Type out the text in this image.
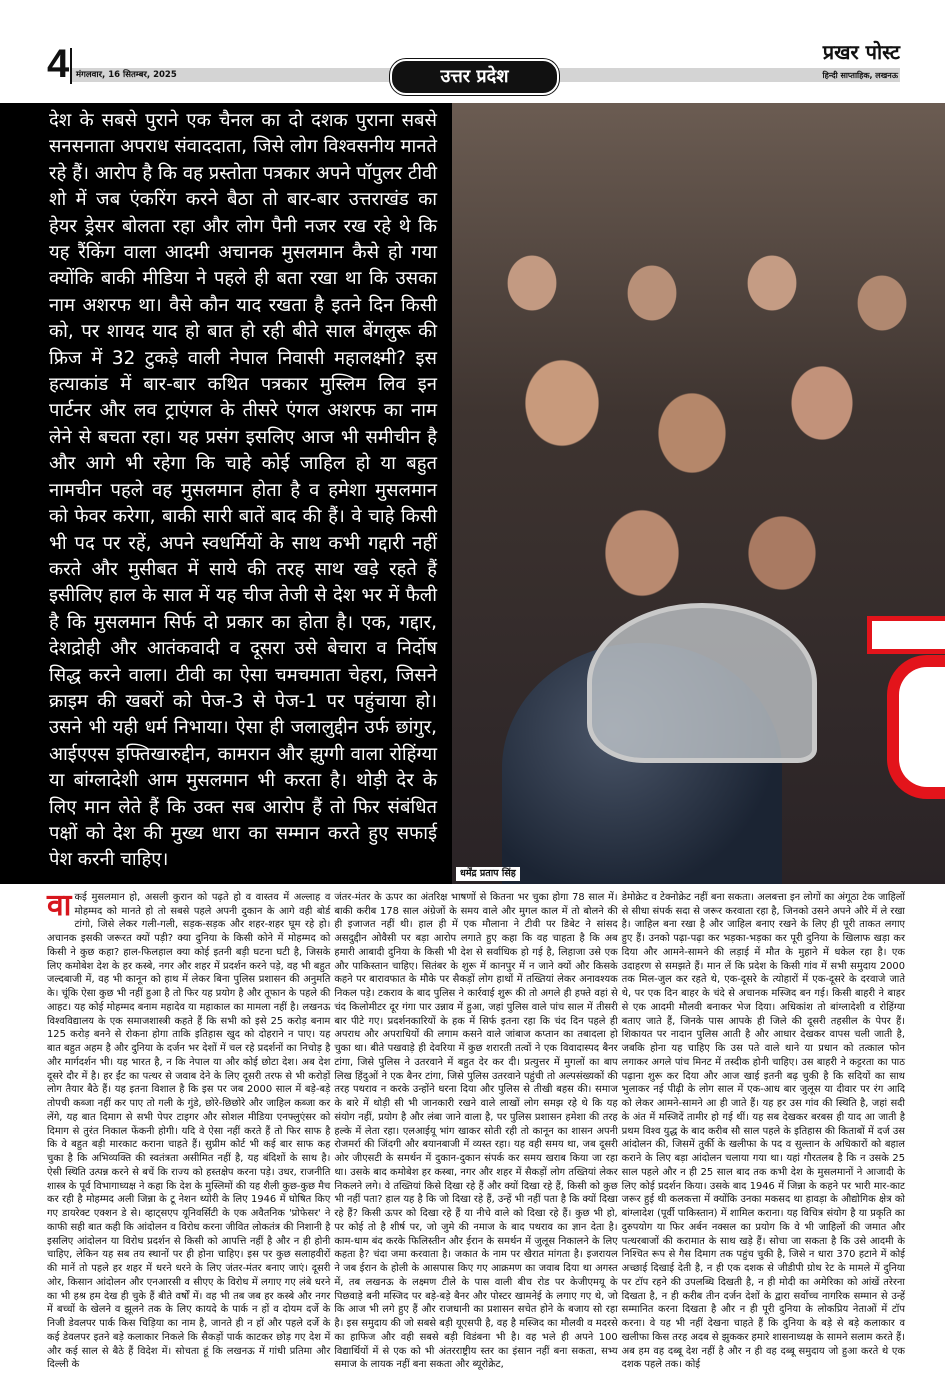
4 मंगलवार, 16 सितम्बर, 2025	उत्तर प्रदेश
प्रखर पोस्ट
हिन्दी साप्ताहिक, लखनऊ
देश के सबसे पुराने एक चैनल का दो दशक पुराना सबसे सनसनाता अपराध संवाददाता, जिसे लोग विश्वसनीय मानते रहे हैं। आरोप है कि वह प्रस्तोता पत्रकार अपने पॉपुलर टीवी शो में जब एंकरिंग करने बैठा तो बार-बार उत्तराखंड का हेयर ड्रेसर बोलता रहा और लोग पैनी नजर रख रहे थे कि यह रैंकिंग वाला आदमी अचानक मुसलमान कैसे हो गया क्योंकि बाकी मीडिया ने पहले ही बता रखा था कि उसका नाम अशरफ था। वैसे कौन याद रखता है इतने दिन किसी को, पर शायद याद हो बात हो रही बीते साल बेंगलुरू की फ्रिज में 32 टुकड़े वाली नेपाल निवासी महालक्ष्मी? इस हत्याकांड में बार-बार कथित पत्रकार मुस्लिम लिव इन पार्टनर और लव ट्राएंगल के तीसरे एंगल अशरफ का नाम लेने से बचता रहा। यह प्रसंग इसलिए आज भी समीचीन है और आगे भी रहेगा कि चाहे कोई जाहिल हो या बहुत नामचीन पहले वह मुसलमान होता है व हमेशा मुसलमान को फेवर करेगा, बाकी सारी बातें बाद की हैं। वे चाहे किसी भी पद पर रहें, अपने स्वधर्मियों के साथ कभी गद्दारी नहीं करते और मुसीबत में साये की तरह साथ खड़े रहते हैं इसीलिए हाल के साल में यह चीज तेजी से देश भर में फैली है कि मुसलमान सिर्फ दो प्रकार का होता है। एक, गद्दार, देशद्रोही और आतंकवादी व दूसरा उसे बेचारा व निर्दोष सिद्ध करने वाला। टीवी का ऐसा चमचमाता चेहरा, जिसने क्राइम की खबरों को पेज-3 से पेज-1 पर पहुंचाया हो। उसने भी यही धर्म निभाया। ऐसा ही जलालुद्दीन उर्फ छांगुर, आईएएस इफ्तिखारुद्दीन, कामरान और झुग्गी वाला रोहिंग्या या बांग्लादेशी आम मुसलमान भी करता है। थोड़ी देर के लिए मान लेते हैं कि उक्त सब आरोप हैं तो फिर संबंधित पक्षों को देश की मुख्य धारा का सम्मान करते हुए सफाई पेश करनी चाहिए।
धर्मेंद्र प्रताप सिंह
वाकई मुसलमान हो, असली कुरान को पढ़ते हो व वास्तव में अल्लाह व मोहम्मद को मानते हो तो सबसे पहले अपनी दुकान के आगे वही बोर्ड टांगो, जिसे लेकर गली-गली, सड़क-सड़क और शहर-शहर घूम रहे हो। अचानक इसकी जरूरत क्यों पड़ी? क्या दुनिया के किसी कोने में मोहम्मद को किसी ने कुछ कहा? हाल-फिलहाल क्या कोई इतनी बड़ी घटना घटी है, जिसके लिए कमोबेश देश के हर कस्बे, नगर और शहर में प्रदर्शन करने पड़े, वह भी बहुत जल्दबाजी में, वह भी कानून को हाथ में लेकर बिना पुलिस प्रशासन की अनुमति के। चूंकि ऐसा कुछ भी नहीं हुआ है तो फिर यह प्रयोग है और तूफान के पहले की आहट। यह कोई मोहम्मद बनाम महादेव या महाकाल का मामला नहीं है। लखनऊ विश्वविद्यालय के एक समाजशास्त्री कहते हैं कि सभी को इसे 25 करोड़ बनाम 125 करोड़ बनने से रोकना होगा ताकि इतिहास खुद को दोहराने न पाए। यह बात बहुत अहम है और दुनिया के दर्जन भर देशों में चल रहे प्रदर्शनों का निचोड़ है और मार्गदर्शन भी। यह भारत है, न कि नेपाल या और कोई छोटा देश। अब देश दूसरे दौर में है। हर ईंट का पत्थर से जवाब देने के लिए दूसरी तरफ से भी करोड़ों लोग तैयार बैठे हैं। यह इतना विशाल है कि इस पर जब 2000 साल में बड़े-बड़े तोपची कब्जा नहीं कर पाए तो गली के गुंडे, छोरे-छिछोरे और जाहिल कब्जा कर लेंगे, यह बात दिमाग से सभी पेपर टाइगर और सोशल मीडिया एनफ्लुएंसर को दिमाग से तुरंत निकाल फेंकनी होगी। यदि वे ऐसा नहीं करते हैं तो फिर साफ है कि वे बहुत बड़ी मारकाट कराना चाहते हैं। सुप्रीम कोर्ट भी कई बार साफ कह चुका है कि अभिव्यक्ति की स्वतंत्रता असीमित नहीं है, यह बंदिशों के साथ है। ऐसी स्थिति उत्पन्न करने से बचें कि राज्य को हस्तक्षेप करना पड़े। उधर, राजनीति शास्त्र के पूर्व विभागाध्यक्ष ने कहा कि देश के मुस्लिमों की यह शैली कुछ-कुछ मैच कर रही है मोहम्मद अली जिन्ना के टू नेशन थ्योरी के लिए 1946 में घोषित किए गए डायरेक्ट एक्शन डे से। व्हाट्सएप यूनिवर्सिटी के एक अवैतनिक 'प्रोफेसर' ने काफी सही बात कही कि आंदोलन व विरोध करना जीवित लोकतंत्र की निशानी है इसलिए आंदोलन या विरोध प्रदर्शन से किसी को आपत्ति नहीं है और न ही होनी चाहिए, लेकिन यह सब तय स्थानों पर ही होना चाहिए। इस पर कुछ सलाहवीरों की मानें तो पहले हर शहर में धरने धरने के लिए जंतर-मंतर बनाए जाएं। दूसरी ओर, किसान आंदोलन और एनआरसी व सीएए के विरोध में लगाए गए लंबे धरने का भी हश्र हम देख ही चुके हैं बीते वर्षों में। वह भी तब जब हर कस्बे और नगर में बच्चों के खेलने व झूलने तक के लिए कायदे के पार्क न हों व दोयम दर्जे के निजी डेवलपर पार्क किस चिड़िया का नाम है, जानते ही न हों और पहले दर्जे के कई डेवलपर इतने बड़े कलाकार निकले कि सैकड़ों पार्क काटकर छोड़ गए देश में और कई साल से बैठे हैं विदेश में। सोचता हूं कि लखनऊ में गांधी प्रतिमा और दिल्ली के
जंतर-मंतर के ऊपर का अंतरिक्ष भाषणों से कितना भर चुका होगा 78 साल में। बाकी करीब 178 साल अंग्रेजों के समय वाले और मुगल काल में तो बोलने की ही इजाजत नहीं थी। हाल ही में एक मौलाना ने टीवी पर डिबेट ने सांसद असदुद्दीन ओवैसी पर बड़ा आरोप लगाते हुए कहा कि वह चाहता है कि अब हमारी आबादी दुनिया के किसी भी देश से सर्वाधिक हो गई है, लिहाजा उसे एक और पाकिस्तान चाहिए। सितंबर के शुरू में कानपुर में न जाने क्यों और किसके कहने पर बारावफात के मौके पर सैकड़ों लोग हाथों में तख्तियां लेकर अनावश्यक निकल पड़े। टकराव के बाद पुलिस ने कार्रवाई शुरू की तो अगले ही हफ्ते वहां से चंद किलोमीटर दूर गंगा पार उन्नाव में हुआ, जहां पुलिस वाले पांच साल में तीसरी बार पीटे गए। प्रदर्शनकारियों के हक में सिर्फ इतना रहा कि चंद दिन पहले ही अपराध और अपराधियों की लगाम कसने वाले जांबाज कप्तान का तबादला हो चुका था। बीते पखवाड़े ही देवरिया में कुछ शरारती तत्वों ने एक विवादास्पद बैनर टांगा, जिसे पुलिस ने उतरवाने में बहुत देर कर दी। प्रत्युत्तर में मुगलों का बाप लिख हिंदुओं ने एक बैनर टांगा, जिसे पुलिस उतरवाने पहुंची तो अल्पसंख्यकों की तरह पथराव न करके उन्होंने धरना दिया और पुलिस से तीखी बहस की। समाज के बारे में थोड़ी सी भी जानकारी रखने वाले लाखों लोग समझ रहे थे कि यह संयोग नहीं, प्रयोग है और लंबा जाने वाला है, पर पुलिस प्रशासन हमेशा की तरह हल्के में लेता रहा। एलआईयू भांग खाकर सोती रही तो कानून का शासन अपनी रोजमर्रा की जिंदगी और बयानबाजी में व्यस्त रहा। यह वही समय था, जब दूसरी ओर जीएसटी के समर्थन में दुकान-दुकान संपर्क कर समय खराब किया जा रहा था। उसके बाद कमोबेश हर कस्बा, नगर और शहर में सैकड़ों लोग तख्तियां लेकर निकलने लगे। वे तख्तियां किसे दिखा रहे हैं और क्यों दिखा रहे हैं, किसी को कुछ भी नहीं पता? हाल यह है कि जो दिखा रहे हैं, उन्हें भी नहीं पता है कि क्यों दिखा रहे हैं? किसी ऊपर को दिखा रहे हैं या नीचे वाले को दिखा रहे हैं। कुछ भी हो, पर कोई तो है शीर्ष पर, जो जुमे की नमाज के बाद पथराव का ज्ञान देता है। काम-धाम बंद करके फिलिस्तीन और ईरान के समर्थन में जुलूस निकालने के लिए कहता है? चंदा जमा करवाता है। जकात के नाम पर खैरात मांगता है। इजरायल ने जब ईरान के होली के आसपास किए गए आक्रमण का जवाब दिया था अगस्त में, तब लखनऊ के लक्ष्मण टीले के पास वाली बीच रोड पर केजीएमयू के पिछवाड़े बनी मस्जिद पर बड़े-बड़े बैनर और पोस्टर खामनेई के लगाए गए थे, जो कि आज भी लगे हुए हैं और राजधानी का प्रशासन सचेत होने के बजाय सो रहा है। इस समुदाय की जो सबसे बड़ी यूएसपी है, वह है मस्जिद का मौलवी व मदरसे का हाफिज और वही सबसे बड़ी विडंबना भी है। वह भले ही अपने 100 विद्यार्थियों में से एक को भी अंतरराष्ट्रीय स्तर का इंसान नहीं बना सकता, सभ्य समाज के लायक नहीं बना सकता और ब्यूरोक्रेट,
डेमोक्रेट व टेक्नोक्रेट नहीं बना सकता। अलबत्ता इन लोगों का अंगूठा टेक जाहिलों से सीधा संपर्क सदा से जरूर करवाता रहा है, जिनको उसने अपने औरे में ले रखा है। जाहिल बना रखा है और जाहिल बनाए रखने के लिए ही पूरी ताकत लगाए हुए हैं। उनको पढ़ा-पढ़ा कर भड़का-भड़का कर पूरी दुनिया के खिलाफ खड़ा कर दिया और आमने-सामने की लड़ाई में मौत के मुहाने में धकेल रहा है। एक उदाहरण से समझते हैं। मान लें कि प्रदेश के किसी गांव में सभी समुदाय 2000 तक मिल-जुल कर रहते थे, एक-दूसरे के त्योहारों में एक-दूसरे के दरवाजे जाते थे, पर एक दिन बाहर के चंदे से अचानक मस्जिद बन गई। किसी बाहरी ने बाहर से एक आदमी मौलवी बनाकर भेज दिया। अधिकांश तो बांग्लादेशी व रोहिंग्या बताए जाते हैं, जिनके पास आपके ही जिले की दूसरी तहसील के पेपर हैं। शिकायत पर नादान पुलिस आती है और आधार देखकर वापस चली जाती है, जबकि होना यह चाहिए कि उस पते वाले थाने या प्रधान को तत्काल फोन लगाकर अगले पांच मिनट में तस्दीक होनी चाहिए। उस बाहरी ने कट्टरता का पाठ पढ़ाना शुरू कर दिया और आज खाई इतनी बढ़ चुकी है कि सदियों का साथ भुलाकर नई पीढ़ी के लोग साल में एक-आध बार जुलूस या दीवार पर रंग आदि को लेकर आमने-सामने आ ही जाते हैं। यह हर उस गांव की स्थिति है, जहां सदी के अंत में मस्जिदें तामीर हो गई थीं। यह सब देखकर बरबस ही याद आ जाती है प्रथम विश्व युद्ध के बाद करीब सौ साल पहले के इतिहास की किताबों में दर्ज उस आंदोलन की, जिसमें तुर्की के खलीफा के पद व सुल्तान के अधिकारों को बहाल कराने के लिए बड़ा आंदोलन चलाया गया था। यहां गौरतलब है कि न उसके 25 साल पहले और न ही 25 साल बाद तक कभी देश के मुसलमानों ने आजादी के लिए कोई प्रदर्शन किया। उसके बाद 1946 में जिन्ना के कहने पर भारी मार-काट जरूर हुई थी कलकत्ता में क्योंकि उनका मकसद था हावड़ा के औद्योगिक क्षेत्र को बांग्लादेश (पूर्वी पाकिस्तान) में शामिल कराना। यह विचित्र संयोग है या प्रकृति का दुरुपयोग या फिर अर्बन नक्सल का प्रयोग कि वे भी जाहिलों की जमात और पत्थरबाजों की करामात के साथ खड़े हैं। सोचा जा सकता है कि उसे आदमी के निश्चित रूप से गैस दिमाग तक पहुंच चुकी है, जिसे न धारा 370 हटाने में कोई अच्छाई दिखाई देती है, न ही एक दशक से जीडीपी ग्रोथ रेट के मामले में दुनिया पर टॉप रहने की उपलब्धि दिखती है, न ही मोदी का अमेरिका को आंखें तरेरना दिखता है, न ही करीब तीन दर्जन देशों के द्वारा सर्वोच्च नागरिक सम्मान से उन्हें सम्मानित करना दिखता है और न ही पूरी दुनिया के लोकप्रिय नेताओं में टॉप करना। वे यह भी नहीं देखना चाहते हैं कि दुनिया के बड़े से बड़े कलाकार व खलीफा किस तरह अदब से झुककर हमारे शासनाध्यक्ष के सामने सलाम करते हैं। अब हम वह दब्बू देश नहीं है और न ही वह दब्बू समुदाय जो हुआ करते थे एक दशक पहले तक। कोई
